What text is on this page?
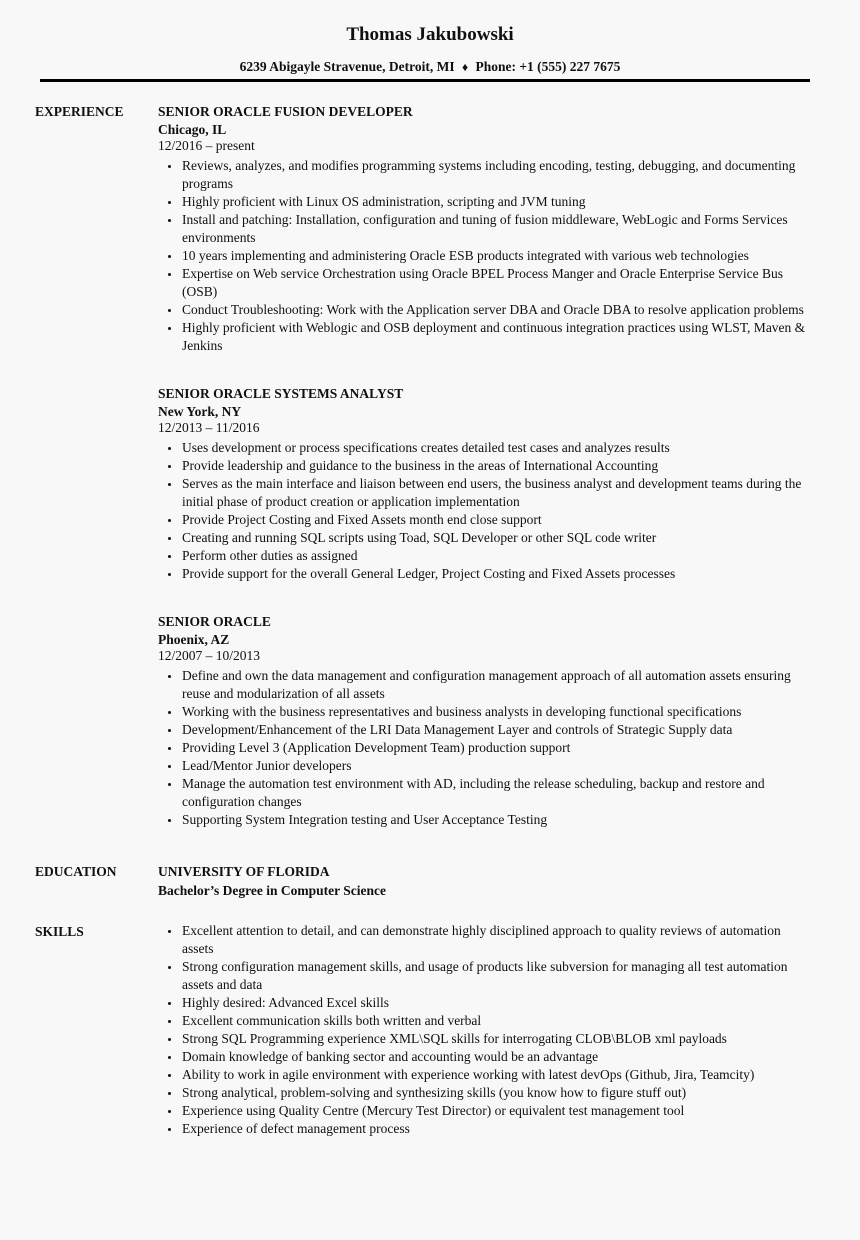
Thomas Jakubowski
6239 Abigayle Stravenue, Detroit, MI ♦ Phone: +1 (555) 227 7675
EXPERIENCE	SENIOR ORACLE FUSION DEVELOPER
Chicago, IL
12/2016 – present
• Reviews, analyzes, and modifies programming systems including encoding, testing, debugging, and documenting programs
• Highly proficient with Linux OS administration, scripting and JVM tuning
• Install and patching: Installation, configuration and tuning of fusion middleware, WebLogic and Forms Services environments
• 10 years implementing and administering Oracle ESB products integrated with various web technologies
• Expertise on Web service Orchestration using Oracle BPEL Process Manger and Oracle Enterprise Service Bus (OSB)
• Conduct Troubleshooting: Work with the Application server DBA and Oracle DBA to resolve application problems
• Highly proficient with Weblogic and OSB deployment and continuous integration practices using WLST, Maven & Jenkins
SENIOR ORACLE SYSTEMS ANALYST
New York, NY
12/2013 – 11/2016
• Uses development or process specifications creates detailed test cases and analyzes results
• Provide leadership and guidance to the business in the areas of International Accounting
• Serves as the main interface and liaison between end users, the business analyst and development teams during the initial phase of product creation or application implementation
• Provide Project Costing and Fixed Assets month end close support
• Creating and running SQL scripts using Toad, SQL Developer or other SQL code writer
• Perform other duties as assigned
• Provide support for the overall General Ledger, Project Costing and Fixed Assets processes
SENIOR ORACLE
Phoenix, AZ
12/2007 – 10/2013
• Define and own the data management and configuration management approach of all automation assets ensuring reuse and modularization of all assets
• Working with the business representatives and business analysts in developing functional specifications
• Development/Enhancement of the LRI Data Management Layer and controls of Strategic Supply data
• Providing Level 3 (Application Development Team) production support
• Lead/Mentor Junior developers
• Manage the automation test environment with AD, including the release scheduling, backup and restore and configuration changes
• Supporting System Integration testing and User Acceptance Testing
EDUCATION	UNIVERSITY OF FLORIDA
Bachelor’s Degree in Computer Science
SKILLS	• Excellent attention to detail, and can demonstrate highly disciplined approach to quality reviews of automation assets
• Strong configuration management skills, and usage of products like subversion for managing all test automation assets and data
• Highly desired: Advanced Excel skills
• Excellent communication skills both written and verbal
• Strong SQL Programming experience XML\SQL skills for interrogating CLOB\BLOB xml payloads
• Domain knowledge of banking sector and accounting would be an advantage
• Ability to work in agile environment with experience working with latest devOps (Github, Jira, Teamcity)
• Strong analytical, problem-solving and synthesizing skills (you know how to figure stuff out)
• Experience using Quality Centre (Mercury Test Director) or equivalent test management tool
• Experience of defect management process
